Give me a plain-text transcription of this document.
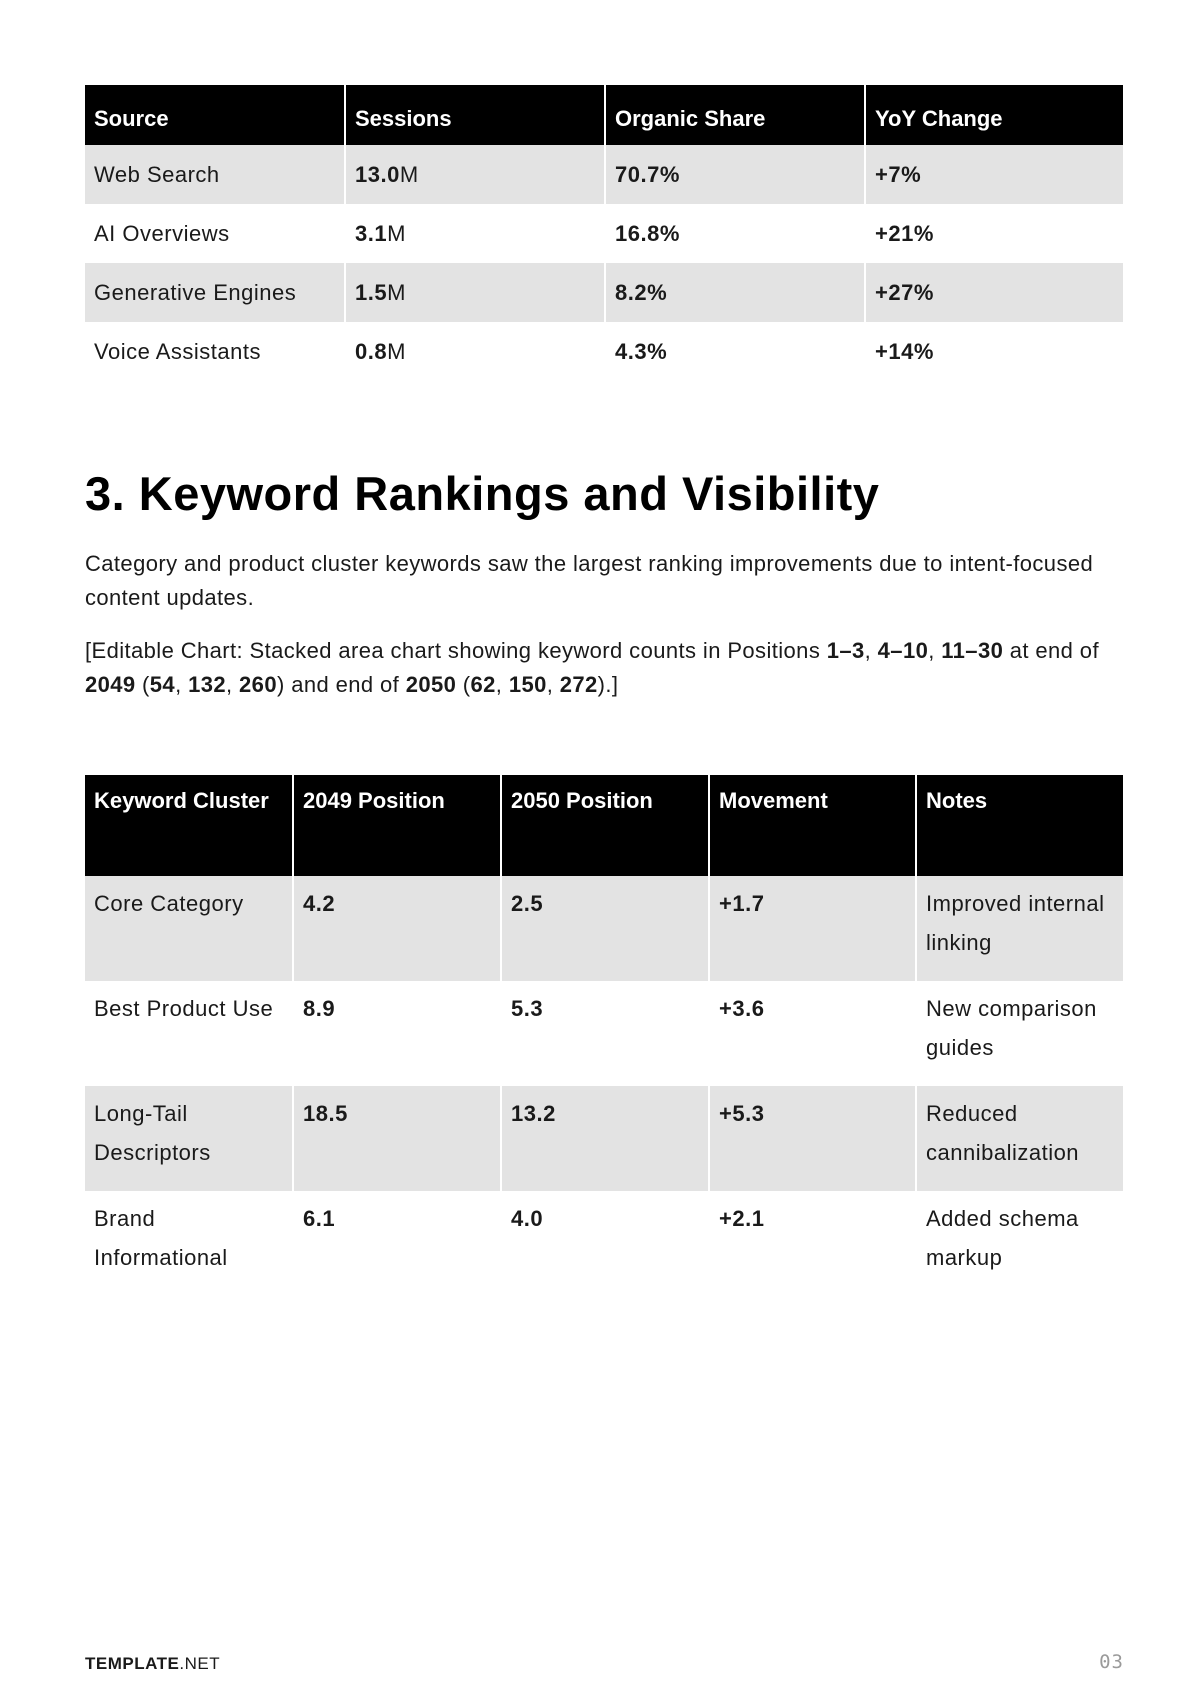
Source	Sessions	Organic Share	YoY Change
Web Search	13.0M	70.7%	+7%
AI Overviews	3.1M	16.8%	+21%
Generative Engines	1.5M	8.2%	+27%
Voice Assistants	0.8M	4.3%	+14%
3. Keyword Rankings and Visibility

Category and product cluster keywords saw the largest ranking improvements due to intent-focused content updates.

[Editable Chart: Stacked area chart showing keyword counts in Positions 1–3, 4–10, 11–30 at end of 2049 (54, 132, 260) and end of 2050 (62, 150, 272).]

Keyword Cluster	2049 Position	2050 Position	Movement	Notes
Core Category	4.2	2.5	+1.7	Improved internal linking
Best Product Use	8.9	5.3	+3.6	New comparison guides
Long-Tail Descriptors	18.5	13.2	+5.3	Reduced cannibalization
Brand Informational	6.1	4.0	+2.1	Added schema markup
TEMPLATE.NET	03
